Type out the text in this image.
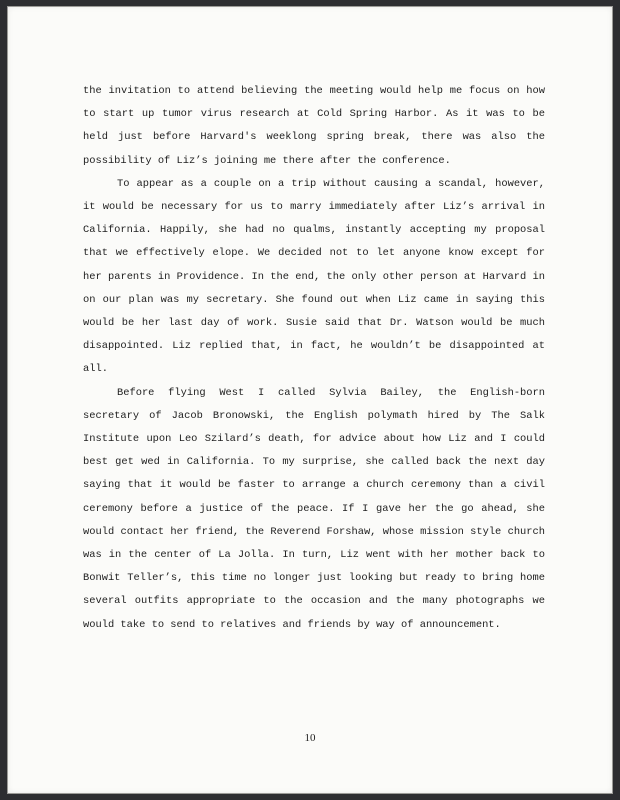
the invitation to attend believing the meeting would help me focus on how to start up tumor virus research at Cold Spring Harbor. As it was to be held just before Harvard's weeklong spring break, there was also the possibility of Liz’s joining me there after the conference.

To appear as a couple on a trip without causing a scandal, however, it would be necessary for us to marry immediately after Liz’s arrival in California. Happily, she had no qualms, instantly accepting my proposal that we effectively elope. We decided not to let anyone know except for her parents in Providence. In the end, the only other person at Harvard in on our plan was my secretary. She found out when Liz came in saying this would be her last day of work. Susie said that Dr. Watson would be much disappointed. Liz replied that, in fact, he wouldn’t be disappointed at all.

Before flying West I called Sylvia Bailey, the English-born secretary of Jacob Bronowski, the English polymath hired by The Salk Institute upon Leo Szilard’s death, for advice about how Liz and I could best get wed in California. To my surprise, she called back the next day saying that it would be faster to arrange a church ceremony than a civil ceremony before a justice of the peace. If I gave her the go ahead, she would contact her friend, the Reverend Forshaw, whose mission style church was in the center of La Jolla. In turn, Liz went with her mother back to Bonwit Teller’s, this time no longer just looking but ready to bring home several outfits appropriate to the occasion and the many photographs we would take to send to relatives and friends by way of announcement.

10
